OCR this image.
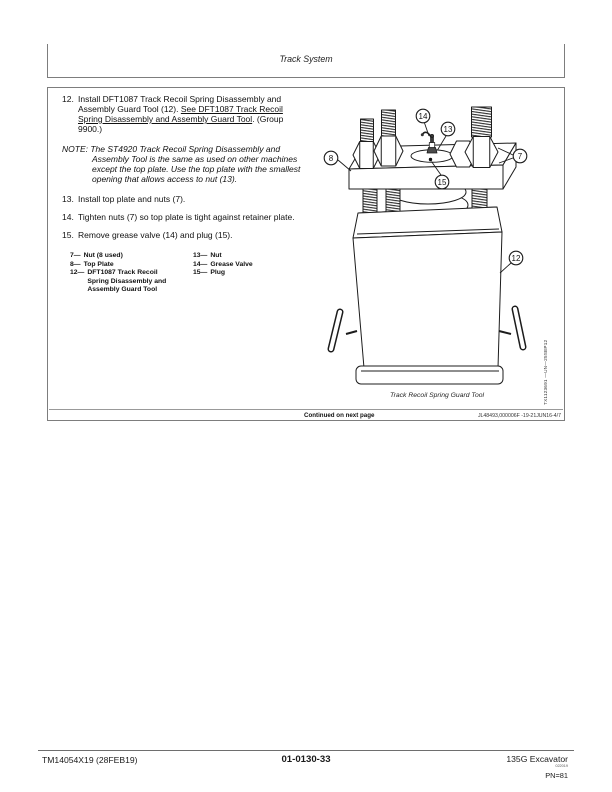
Track System
12. Install DFT1087 Track Recoil Spring Disassembly and Assembly Guard Tool (12). See DFT1087 Track Recoil Spring Disassembly and Assembly Guard Tool. (Group 9900.)
NOTE: The ST4920 Track Recoil Spring Disassembly and Assembly Tool is the same as used on other machines except the top plate. Use the top plate with the smallest opening that allows access to nut (13).
13. Install top plate and nuts (7).
14. Tighten nuts (7) so top plate is tight against retainer plate.
15. Remove grease valve (14) and plug (15).
7— Nut (8 used)
8— Top Plate
12— DFT1087 Track Recoil Spring Disassembly and Assembly Guard Tool
13— Nut
14— Grease Valve
15— Plug
Continued on next page	JL48493,000006F -19-21JUN16-4/7
14
13
8	7
15
12
Track Recoil Spring Guard Tool	TX1123691 —UN—25SEP12
TM14054X19 (28FEB19)	01-0130-33	135G Excavator
022019
PN=81
